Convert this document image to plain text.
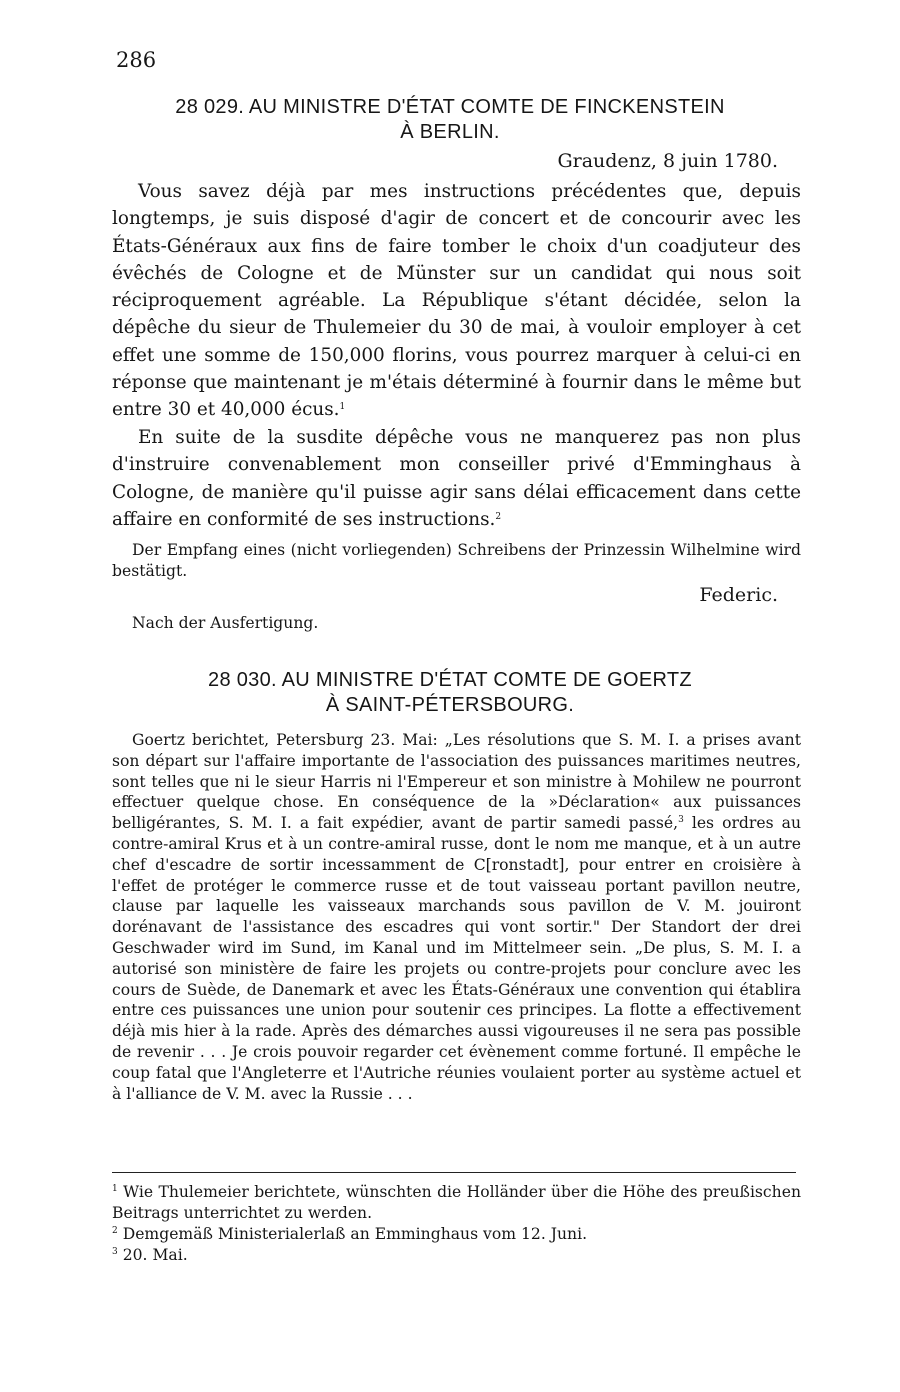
286
28 029. AU MINISTRE D'ÉTAT COMTE DE FINCKENSTEIN
À BERLIN.
Graudenz, 8 juin 1780.

Vous savez déjà par mes instructions précédentes que, depuis longtemps, je suis disposé d'agir de concert et de concourir avec les États-Généraux aux fins de faire tomber le choix d'un coadjuteur des évêchés de Cologne et de Münster sur un candidat qui nous soit réciproquement agréable. La République s'étant décidée, selon la dépêche du sieur de Thulemeier du 30 de mai, à vouloir employer à cet effet une somme de 150,000 florins, vous pourrez marquer à celui-ci en réponse que maintenant je m'étais déterminé à fournir dans le même but entre 30 et 40,000 écus.$^1$

En suite de la susdite dépêche vous ne manquerez pas non plus d'instruire convenablement mon conseiller privé d'Emminghaus à Cologne, de manière qu'il puisse agir sans délai efficacement dans cette affaire en conformité de ses instructions.$^2$

Der Empfang eines (nicht vorliegenden) Schreibens der Prinzessin Wilhelmine wird bestätigt.

Federic.
Nach der Ausfertigung.
28 030. AU MINISTRE D'ÉTAT COMTE DE GOERTZ
À SAINT-PÉTERSBOURG.

Goertz berichtet, Petersburg 23. Mai: „Les résolutions que S. M. I. a prises avant son départ sur l'affaire importante de l'association des puissances maritimes neutres, sont telles que ni le sieur Harris ni l'Empereur et son ministre à Mohilew ne pourront effectuer quelque chose. En conséquence de la »Déclaration« aux puissances belligérantes, S. M. I. a fait expédier, avant de partir samedi passé,$^3$ les ordres au contre-amiral Krus et à un contre-amiral russe, dont le nom me manque, et à un autre chef d'escadre de sortir incessamment de C[ronstadt], pour entrer en croisière à l'effet de protéger le commerce russe et de tout vaisseau portant pavillon neutre, clause par laquelle les vaisseaux marchands sous pavillon de V. M. jouiront dorénavant de l'assistance des escadres qui vont sortir." Der Standort der drei Geschwader wird im Sund, im Kanal und im Mittelmeer sein. „De plus, S. M. I. a autorisé son ministère de faire les projets ou contre-projets pour conclure avec les cours de Suède, de Danemark et avec les États-Généraux une convention qui établira entre ces puissances une union pour soutenir ces principes. La flotte a effectivement déjà mis hier à la rade. Après des démarches aussi vigoureuses il ne sera pas possible de revenir . . . Je crois pouvoir regarder cet évènement comme fortuné. Il empêche le coup fatal que l'Angleterre et l'Autriche réunies voulaient porter au système actuel et à l'alliance de V. M. avec la Russie . . .

$^1$ Wie Thulemeier berichtete, wünschten die Holländer über die Höhe des preußischen Beitrags unterrichtet zu werden.

$^2$ Demgemäß Ministerialerlaß an Emminghaus vom 12. Juni.

$^3$ 20. Mai.
